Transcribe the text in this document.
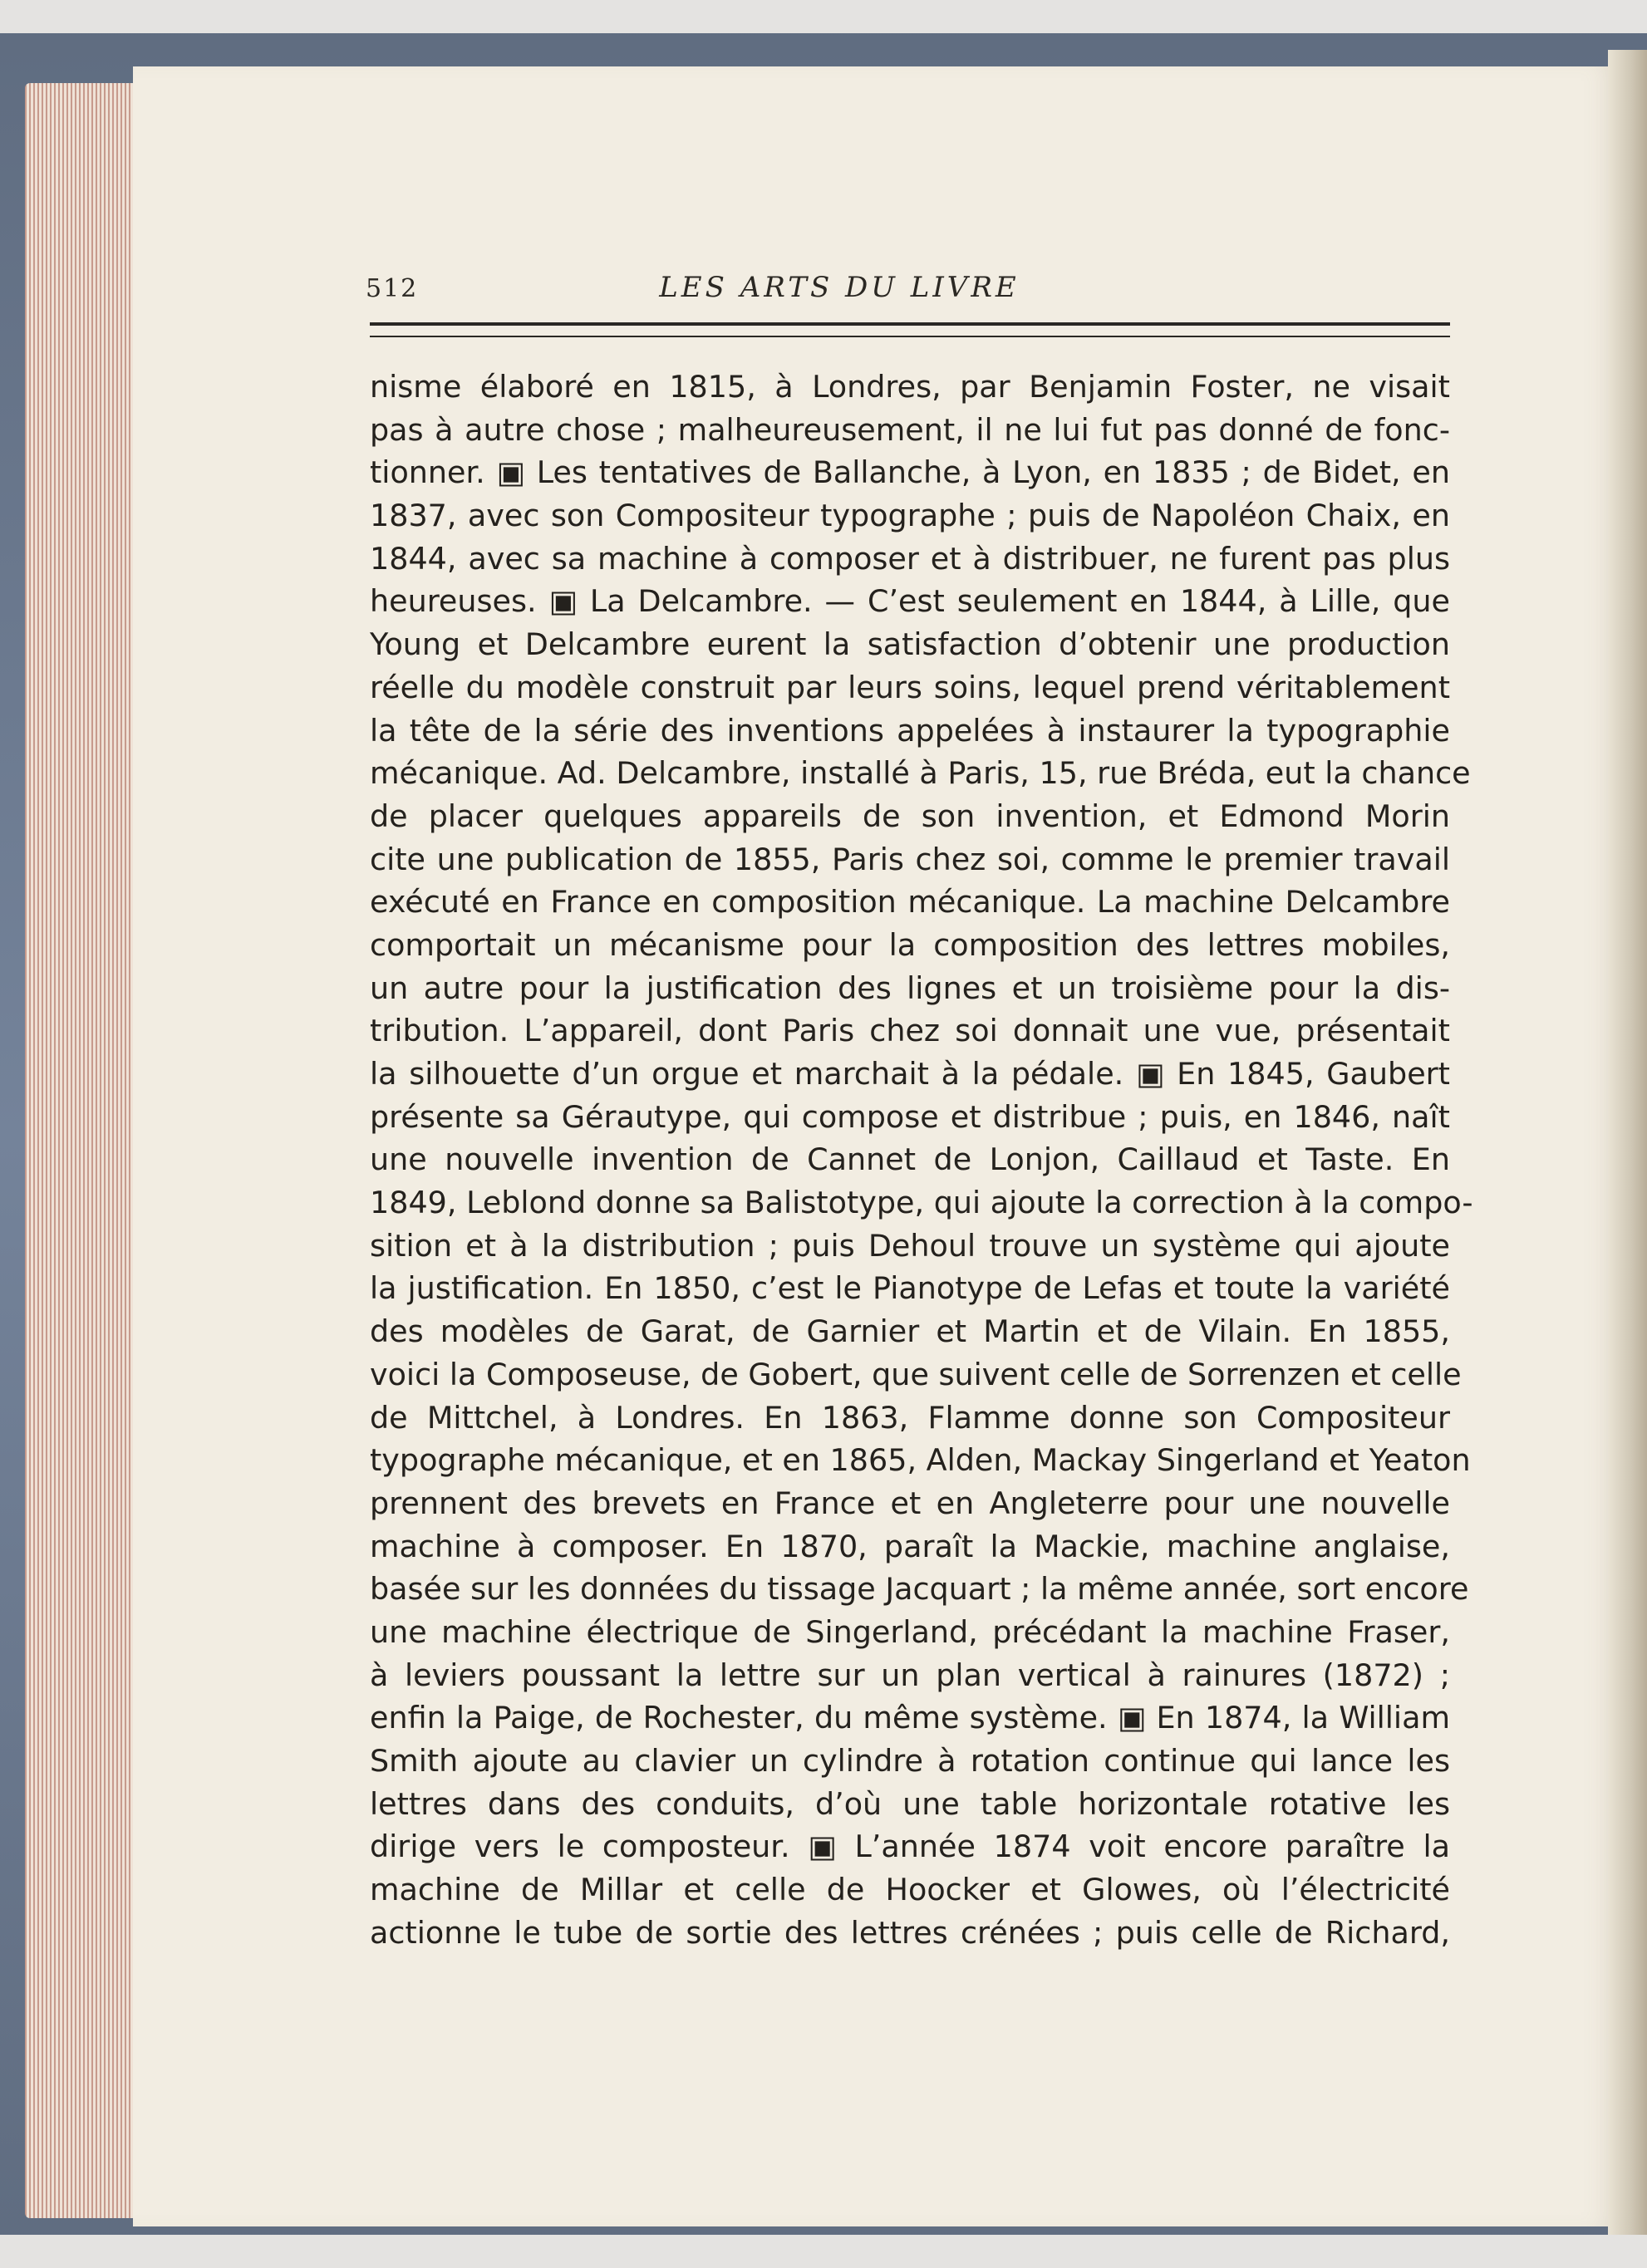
512	LES ARTS DU LIVRE
nisme élaboré en 1815, à Londres, par Benjamin Foster, ne visait
pas à autre chose ; malheureusement, il ne lui fut pas donné de fonc-
tionner. ▣ Les tentatives de Ballanche, à Lyon, en 1835 ; de Bidet, en
1837, avec son Compositeur typographe ; puis de Napoléon Chaix, en
1844, avec sa machine à composer et à distribuer, ne furent pas plus
heureuses. ▣ La Delcambre. — C’est seulement en 1844, à Lille, que
Young et Delcambre eurent la satisfaction d’obtenir une production
réelle du modèle construit par leurs soins, lequel prend véritablement
la tête de la série des inventions appelées à instaurer la typographie
mécanique. Ad. Delcambre, installé à Paris, 15, rue Bréda, eut la chance
de placer quelques appareils de son invention, et Edmond Morin
cite une publication de 1855, Paris chez soi, comme le premier travail
exécuté en France en composition mécanique. La machine Delcambre
comportait un mécanisme pour la composition des lettres mobiles,
un autre pour la justification des lignes et un troisième pour la dis-
tribution. L’appareil, dont Paris chez soi donnait une vue, présentait
la silhouette d’un orgue et marchait à la pédale. ▣ En 1845, Gaubert
présente sa Gérautype, qui compose et distribue ; puis, en 1846, naît
une nouvelle invention de Cannet de Lonjon, Caillaud et Taste. En
1849, Leblond donne sa Balistotype, qui ajoute la correction à la compo-
sition et à la distribution ; puis Dehoul trouve un système qui ajoute
la justification. En 1850, c’est le Pianotype de Lefas et toute la variété
des modèles de Garat, de Garnier et Martin et de Vilain. En 1855,
voici la Composeuse, de Gobert, que suivent celle de Sorrenzen et celle
de Mittchel, à Londres. En 1863, Flamme donne son Compositeur
typographe mécanique, et en 1865, Alden, Mackay Singerland et Yeaton
prennent des brevets en France et en Angleterre pour une nouvelle
machine à composer. En 1870, paraît la Mackie, machine anglaise,
basée sur les données du tissage Jacquart ; la même année, sort encore
une machine électrique de Singerland, précédant la machine Fraser,
à leviers poussant la lettre sur un plan vertical à rainures (1872) ;
enfin la Paige, de Rochester, du même système. ▣ En 1874, la William
Smith ajoute au clavier un cylindre à rotation continue qui lance les
lettres dans des conduits, d’où une table horizontale rotative les
dirige vers le composteur. ▣ L’année 1874 voit encore paraître la
machine de Millar et celle de Hoocker et Glowes, où l’électricité
actionne le tube de sortie des lettres crénées ; puis celle de Richard,
